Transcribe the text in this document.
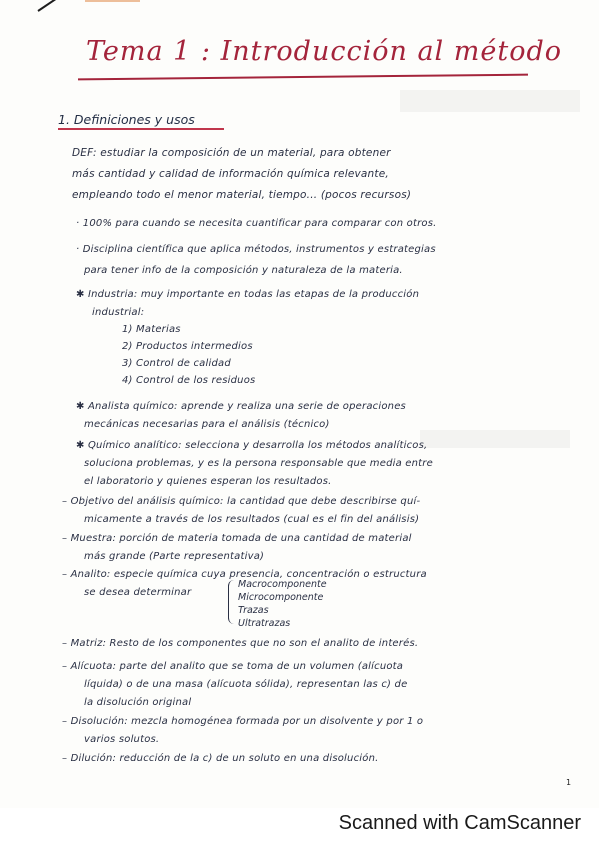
Tema 1 : Introducción al método
1. Definiciones y usos
DEF: estudiar la composición de un material, para obtener
más cantidad y calidad de información química relevante,
empleando todo el menor material, tiempo... (pocos recursos)
· 100% para cuando se necesita cuantificar para comparar con otros.
· Disciplina científica que aplica métodos, instrumentos y estrategias
para tener info de la composición y naturaleza de la materia.
✱ Industria: muy importante en todas las etapas de la producción
industrial:
1) Materias
2) Productos intermedios
3) Control de calidad
4) Control de los residuos
✱ Analista químico: aprende y realiza una serie de operaciones
mecánicas necesarias para el análisis (técnico)
✱ Químico analítico: selecciona y desarrolla los métodos analíticos,
soluciona problemas, y es la persona responsable que media entre
el laboratorio y quienes esperan los resultados.
– Objetivo del análisis químico: la cantidad que debe describirse quí-
micamente a través de los resultados (cual es el fin del análisis)
– Muestra: porción de materia tomada de una cantidad de material
más grande (Parte representativa)
– Analito: especie química cuya presencia, concentración o estructura
se desea determinar
Macrocomponente
Microcomponente
Trazas
Ultratrazas
– Matriz: Resto de los componentes que no son el analito de interés.
– Alícuota: parte del analito que se toma de un volumen (alícuota
líquida) o de una masa (alícuota sólida), representan las c) de
la disolución original
– Disolución: mezcla homogénea formada por un disolvente y por 1 o
varios solutos.
– Dilución: reducción de la c) de un soluto en una disolución.
1
Scanned with CamScanner
